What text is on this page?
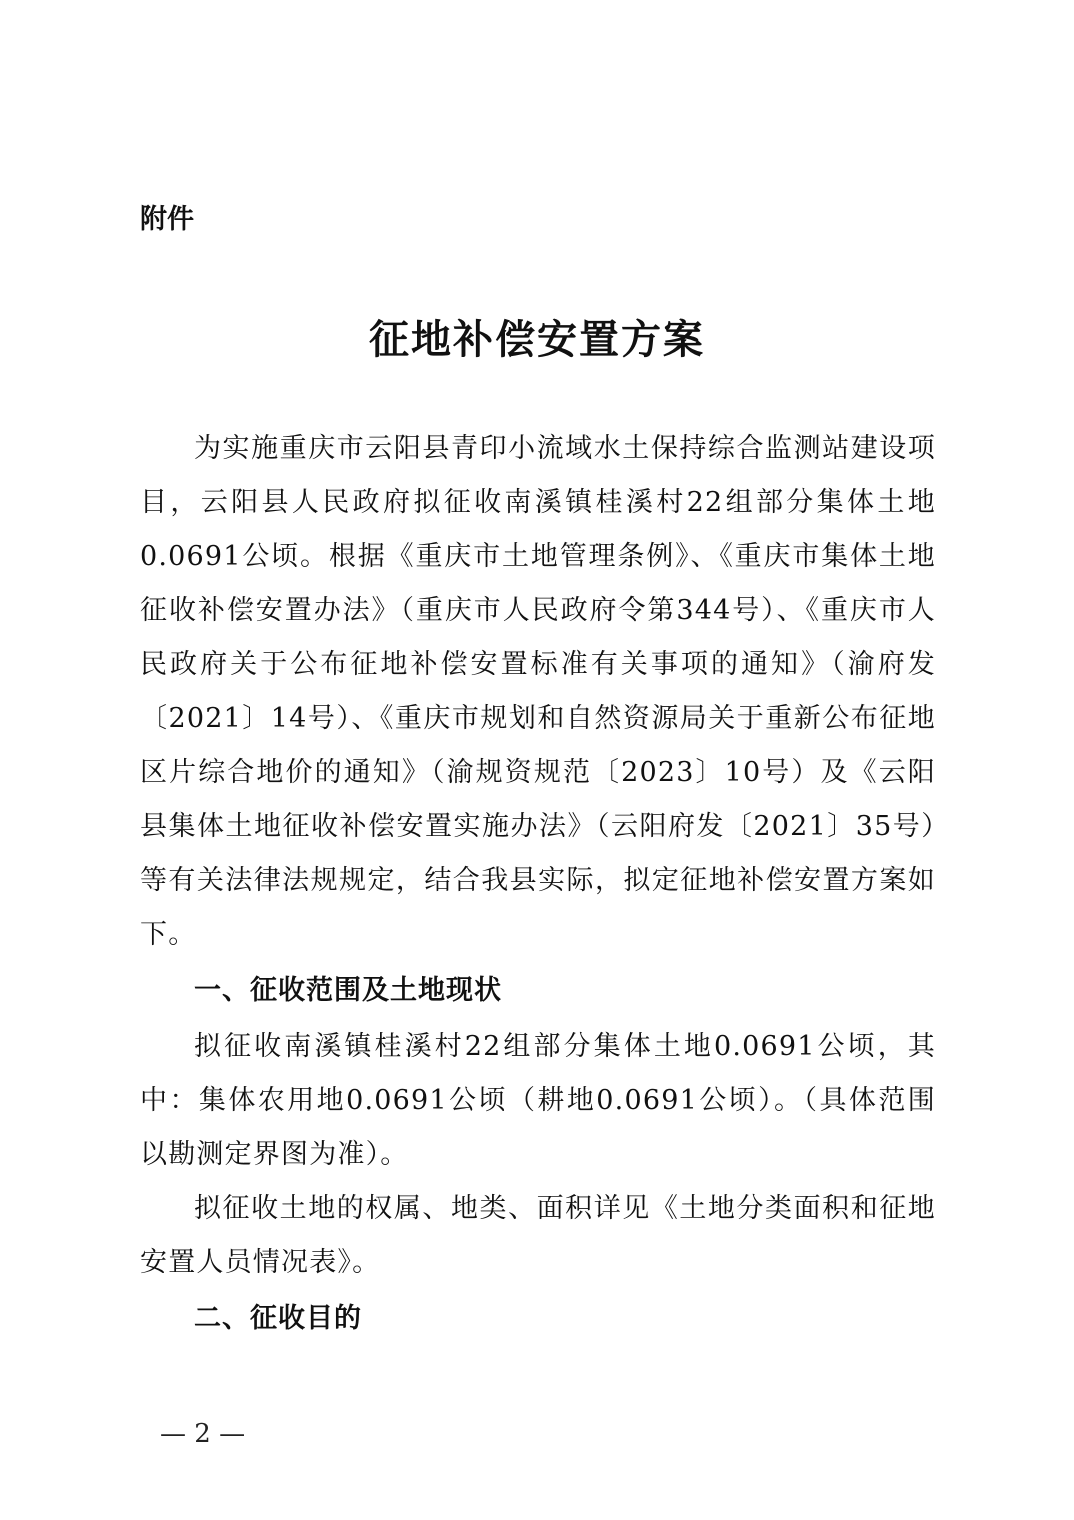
附件

征地补偿安置方案

为实施重庆市云阳县青印小流域水土保持综合监测站建设项目，云阳县人民政府拟征收南溪镇桂溪村22组部分集体土地0.0691公顷。根据《重庆市土地管理条例》、《重庆市集体土地征收补偿安置办法》（重庆市人民政府令第344号）、《重庆市人民政府关于公布征地补偿安置标准有关事项的通知》（渝府发〔2021〕14号）、《重庆市规划和自然资源局关于重新公布征地区片综合地价的通知》（渝规资规范〔2023〕10号）及《云阳县集体土地征收补偿安置实施办法》（云阳府发〔2021〕35号）等有关法律法规规定，结合我县实际，拟定征地补偿安置方案如下。

一、征收范围及土地现状

拟征收南溪镇桂溪村22组部分集体土地0.0691公顷，其中：集体农用地0.0691公顷（耕地0.0691公顷）。（具体范围以勘测定界图为准）。

拟征收土地的权属、地类、面积详见《土地分类面积和征地安置人员情况表》。

二、征收目的

— 2 —
